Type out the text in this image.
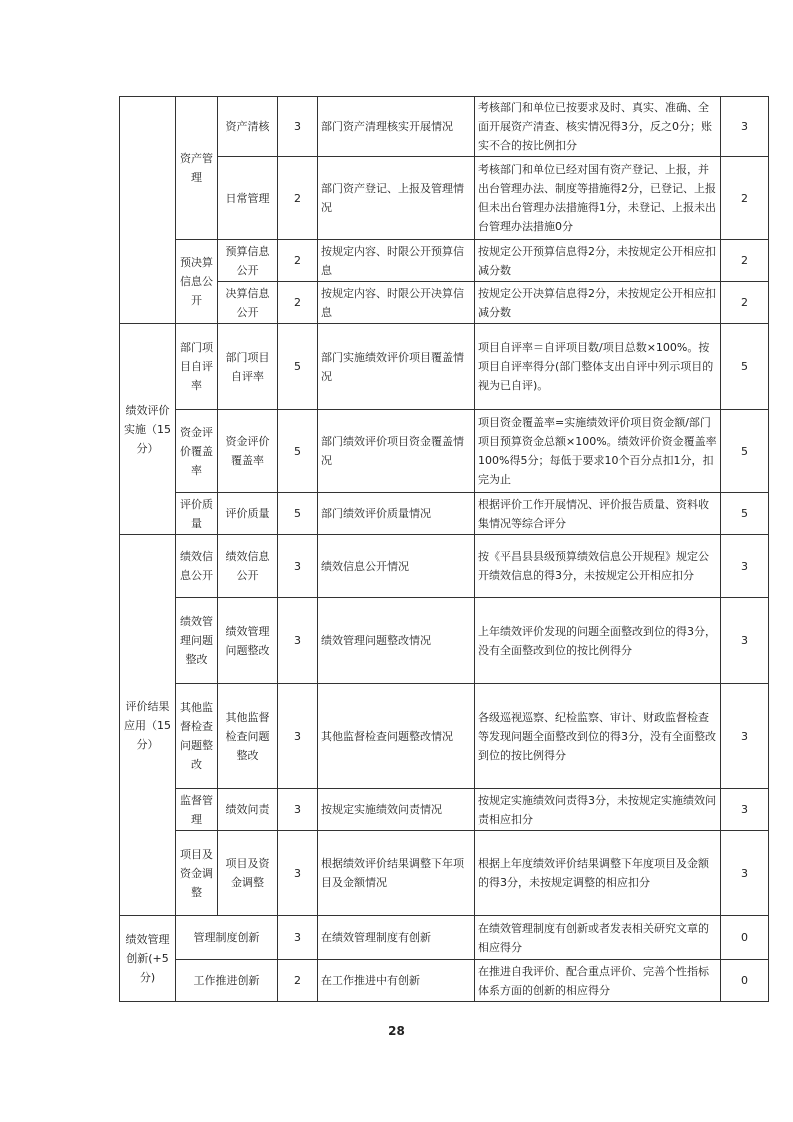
	资产管理	资产清核	3	部门资产清理核实开展情况	考核部门和单位已按要求及时、真实、准确、全面开展资产清查、核实情况得3分，反之0分；账实不合的按比例扣分	3
		日常管理	2	部门资产登记、上报及管理情况	考核部门和单位已经对国有资产登记、上报，并出台管理办法、制度等措施得2分，已登记、上报但未出台管理办法措施得1分，未登记、上报未出台管理办法措施0分	2
	预决算信息公开	预算信息公开	2	按规定内容、时限公开预算信息	按规定公开预算信息得2分，未按规定公开相应扣减分数	2
		决算信息公开	2	按规定内容、时限公开决算信息	按规定公开决算信息得2分，未按规定公开相应扣减分数	2
绩效评价实施（15分）	部门项目自评率	部门项目自评率	5	部门实施绩效评价项目覆盖情况	项目自评率＝自评项目数/项目总数×100%。按项目自评率得分(部门整体支出自评中列示项目的视为已自评)。	5
	资金评价覆盖率	资金评价覆盖率	5	部门绩效评价项目资金覆盖情况	项目资金覆盖率=实施绩效评价项目资金额/部门项目预算资金总额×100%。绩效评价资金覆盖率100%得5分；每低于要求10个百分点扣1分，扣完为止	5
	评价质量	评价质量	5	部门绩效评价质量情况	根据评价工作开展情况、评价报告质量、资料收集情况等综合评分	5
评价结果应用（15分）	绩效信息公开	绩效信息公开	3	绩效信息公开情况	按《平昌县县级预算绩效信息公开规程》规定公开绩效信息的得3分，未按规定公开相应扣分	3
	绩效管理问题整改	绩效管理问题整改	3	绩效管理问题整改情况	上年绩效评价发现的问题全面整改到位的得3分，没有全面整改到位的按比例得分	3
	其他监督检查问题整改	其他监督检查问题整改	3	其他监督检查问题整改情况	各级巡视巡察、纪检监察、审计、财政监督检查等发现问题全面整改到位的得3分，没有全面整改到位的按比例得分	3
	监督管理	绩效问责	3	按规定实施绩效问责情况	按规定实施绩效问责得3分，未按规定实施绩效问责相应扣分	3
	项目及资金调整	项目及资金调整	3	根据绩效评价结果调整下年项目及金额情况	根据上年度绩效评价结果调整下年度项目及金额的得3分，未按规定调整的相应扣分	3
绩效管理创新(+5分)	管理制度创新		3	在绩效管理制度有创新	在绩效管理制度有创新或者发表相关研究文章的相应得分	0
	工作推进创新		2	在工作推进中有创新	在推进自我评价、配合重点评价、完善个性指标体系方面的创新的相应得分	0
28
